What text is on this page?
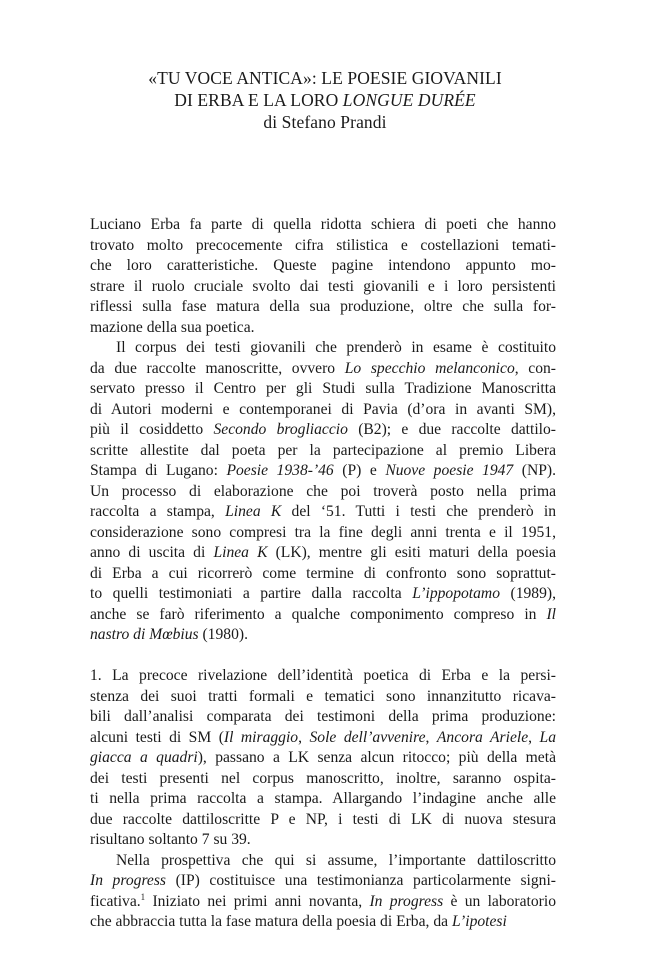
«TU VOCE ANTICA»: LE POESIE GIOVANILI
DI ERBA E LA LORO LONGUE DURÉE
di Stefano Prandi

Luciano Erba fa parte di quella ridotta schiera di poeti che hanno
trovato molto precocemente cifra stilistica e costellazioni temati-
che loro caratteristiche. Queste pagine intendono appunto mo-
strare il ruolo cruciale svolto dai testi giovanili e i loro persistenti
riflessi sulla fase matura della sua produzione, oltre che sulla for-
mazione della sua poetica.

Il corpus dei testi giovanili che prenderò in esame è costituito
da due raccolte manoscritte, ovvero Lo specchio melanconico, con-
servato presso il Centro per gli Studi sulla Tradizione Manoscritta
di Autori moderni e contemporanei di Pavia (d’ora in avanti SM),
più il cosiddetto Secondo brogliaccio (B2); e due raccolte dattilo-
scritte allestite dal poeta per la partecipazione al premio Libera
Stampa di Lugano: Poesie 1938-’46 (P) e Nuove poesie 1947 (NP).
Un processo di elaborazione che poi troverà posto nella prima
raccolta a stampa, Linea K del ‘51. Tutti i testi che prenderò in
considerazione sono compresi tra la fine degli anni trenta e il 1951,
anno di uscita di Linea K (LK), mentre gli esiti maturi della poesia
di Erba a cui ricorrerò come termine di confronto sono soprattut-
to quelli testimoniati a partire dalla raccolta L’ippopotamo (1989),
anche se farò riferimento a qualche componimento compreso in Il
nastro di Mœbius (1980).

1. La precoce rivelazione dell’identità poetica di Erba e la persi-
stenza dei suoi tratti formali e tematici sono innanzitutto ricava-
bili dall’analisi comparata dei testimoni della prima produzione:
alcuni testi di SM (Il miraggio, Sole dell’avvenire, Ancora Ariele, La
giacca a quadri), passano a LK senza alcun ritocco; più della metà
dei testi presenti nel corpus manoscritto, inoltre, saranno ospita-
ti nella prima raccolta a stampa. Allargando l’indagine anche alle
due raccolte dattiloscritte P e NP, i testi di LK di nuova stesura
risultano soltanto 7 su 39.

Nella prospettiva che qui si assume, l’importante dattiloscritto
In progress (IP) costituisce una testimonianza particolarmente signi-
ficativa.$^1$ Iniziato nei primi anni novanta, In progress è un laboratorio
che abbraccia tutta la fase matura della poesia di Erba, da L’ipotesi
